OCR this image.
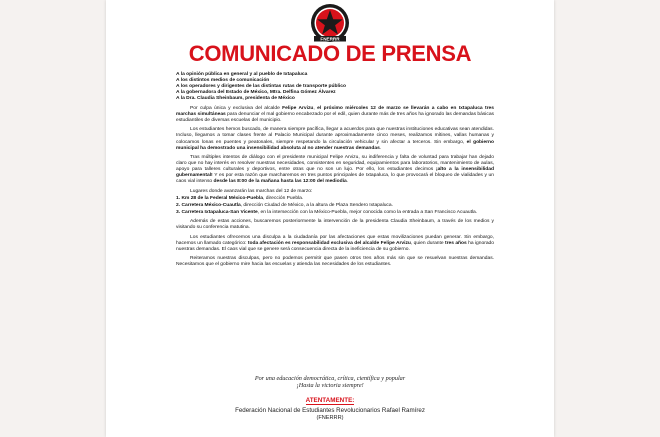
FNERRR
COMUNICADO DE PRENSA

A la opinión pública en general y al pueblo de Ixtapaluca

A los distintos medios de comunicación

A los operadores y dirigentes de las distintas rutas de transporte público

A la gobernadora del Estado de México, Mtra. Delfina Gómez Álvarez

A la Dra. Claudia Sheinbaum, presidenta de México

Por culpa única y exclusiva del alcalde Felipe Arvizu, el próximo miércoles 12 de marzo se llevarán a cabo en Ixtapaluca tres marchas simultáneas para denunciar el mal gobierno encabezado por el edil, quien durante más de tres años ha ignorado las demandas básicas estudiantiles de diversas escuelas del municipio.

Los estudiantes hemos buscado, de manera siempre pacífica, llegar a acuerdos para que nuestras instituciones educativas sean atendidas. Incluso, llegamos a tomar clases frente al Palacio Municipal durante aproximadamente cinco meses, realizamos mítines, vallas humanas y colocamos lonas en puentes y peatonales, siempre respetando la circulación vehicular y sin afectar a terceros. Sin embargo, el gobierno municipal ha demostrado una insensibilidad absoluta al no atender nuestras demandas.

Tras múltiples intentos de diálogo con el presidente municipal Felipe Arvizu, su indiferencia y falta de voluntad para trabajar han dejado claro que no hay interés en resolver nuestras necesidades, consistentes en seguridad, equipamientos para laboratorios, mantenimiento de aulas, apoyo para talleres culturales y deportivos, entre otras que no son un lujo. Por ello, los estudiantes decimos ¡alto a la insensibilidad gubernamental! Y es por esta razón que marcharemos en tres puntos principales de Ixtapaluca, lo que provocará el bloqueo de vialidades y un caos vial intenso desde las 8:00 de la mañana hasta las 12:00 del mediodía.

Lugares donde avanzarán las marchas del 12 de marzo:
1. Km 28 de la Federal México-Puebla, dirección Puebla.
2. Carretera México-Cuautla, dirección Ciudad de México, a la altura de Plaza Sendero Ixtapaluca.
3. Carretera Ixtapaluca-San Vicente, en la intersección con la México-Puebla, mejor conocida como la entrada a San Francisco Acuautla.

Además de estas acciones, buscaremos posteriormente la intervención de la presidenta Claudia Sheinbaum, a través de los medios y visitando su conferencia matutina.

Los estudiantes ofrecemos una disculpa a la ciudadanía por las afectaciones que estas movilizaciones puedan generar. Sin embargo, hacemos un llamado categórico: toda afectación es responsabilidad exclusiva del alcalde Felipe Arvizu, quien durante tres años ha ignorado nuestras demandas. El caos vial que se genere será consecuencia directa de la ineficiencia de su gobierno.

Reiteramos nuestras disculpas, pero no podemos permitir que pasen otros tres años más sin que se resuelvan nuestras demandas. Necesitamos que el gobierno mire hacia las escuelas y atienda las necesidades de los estudiantes.

Por una educación democrática, crítica, científica y popular
¡Hasta la victoria siempre!
ATENTAMENTE:
Federación Nacional de Estudiantes Revolucionarios Rafael Ramírez
(FNERRR)
